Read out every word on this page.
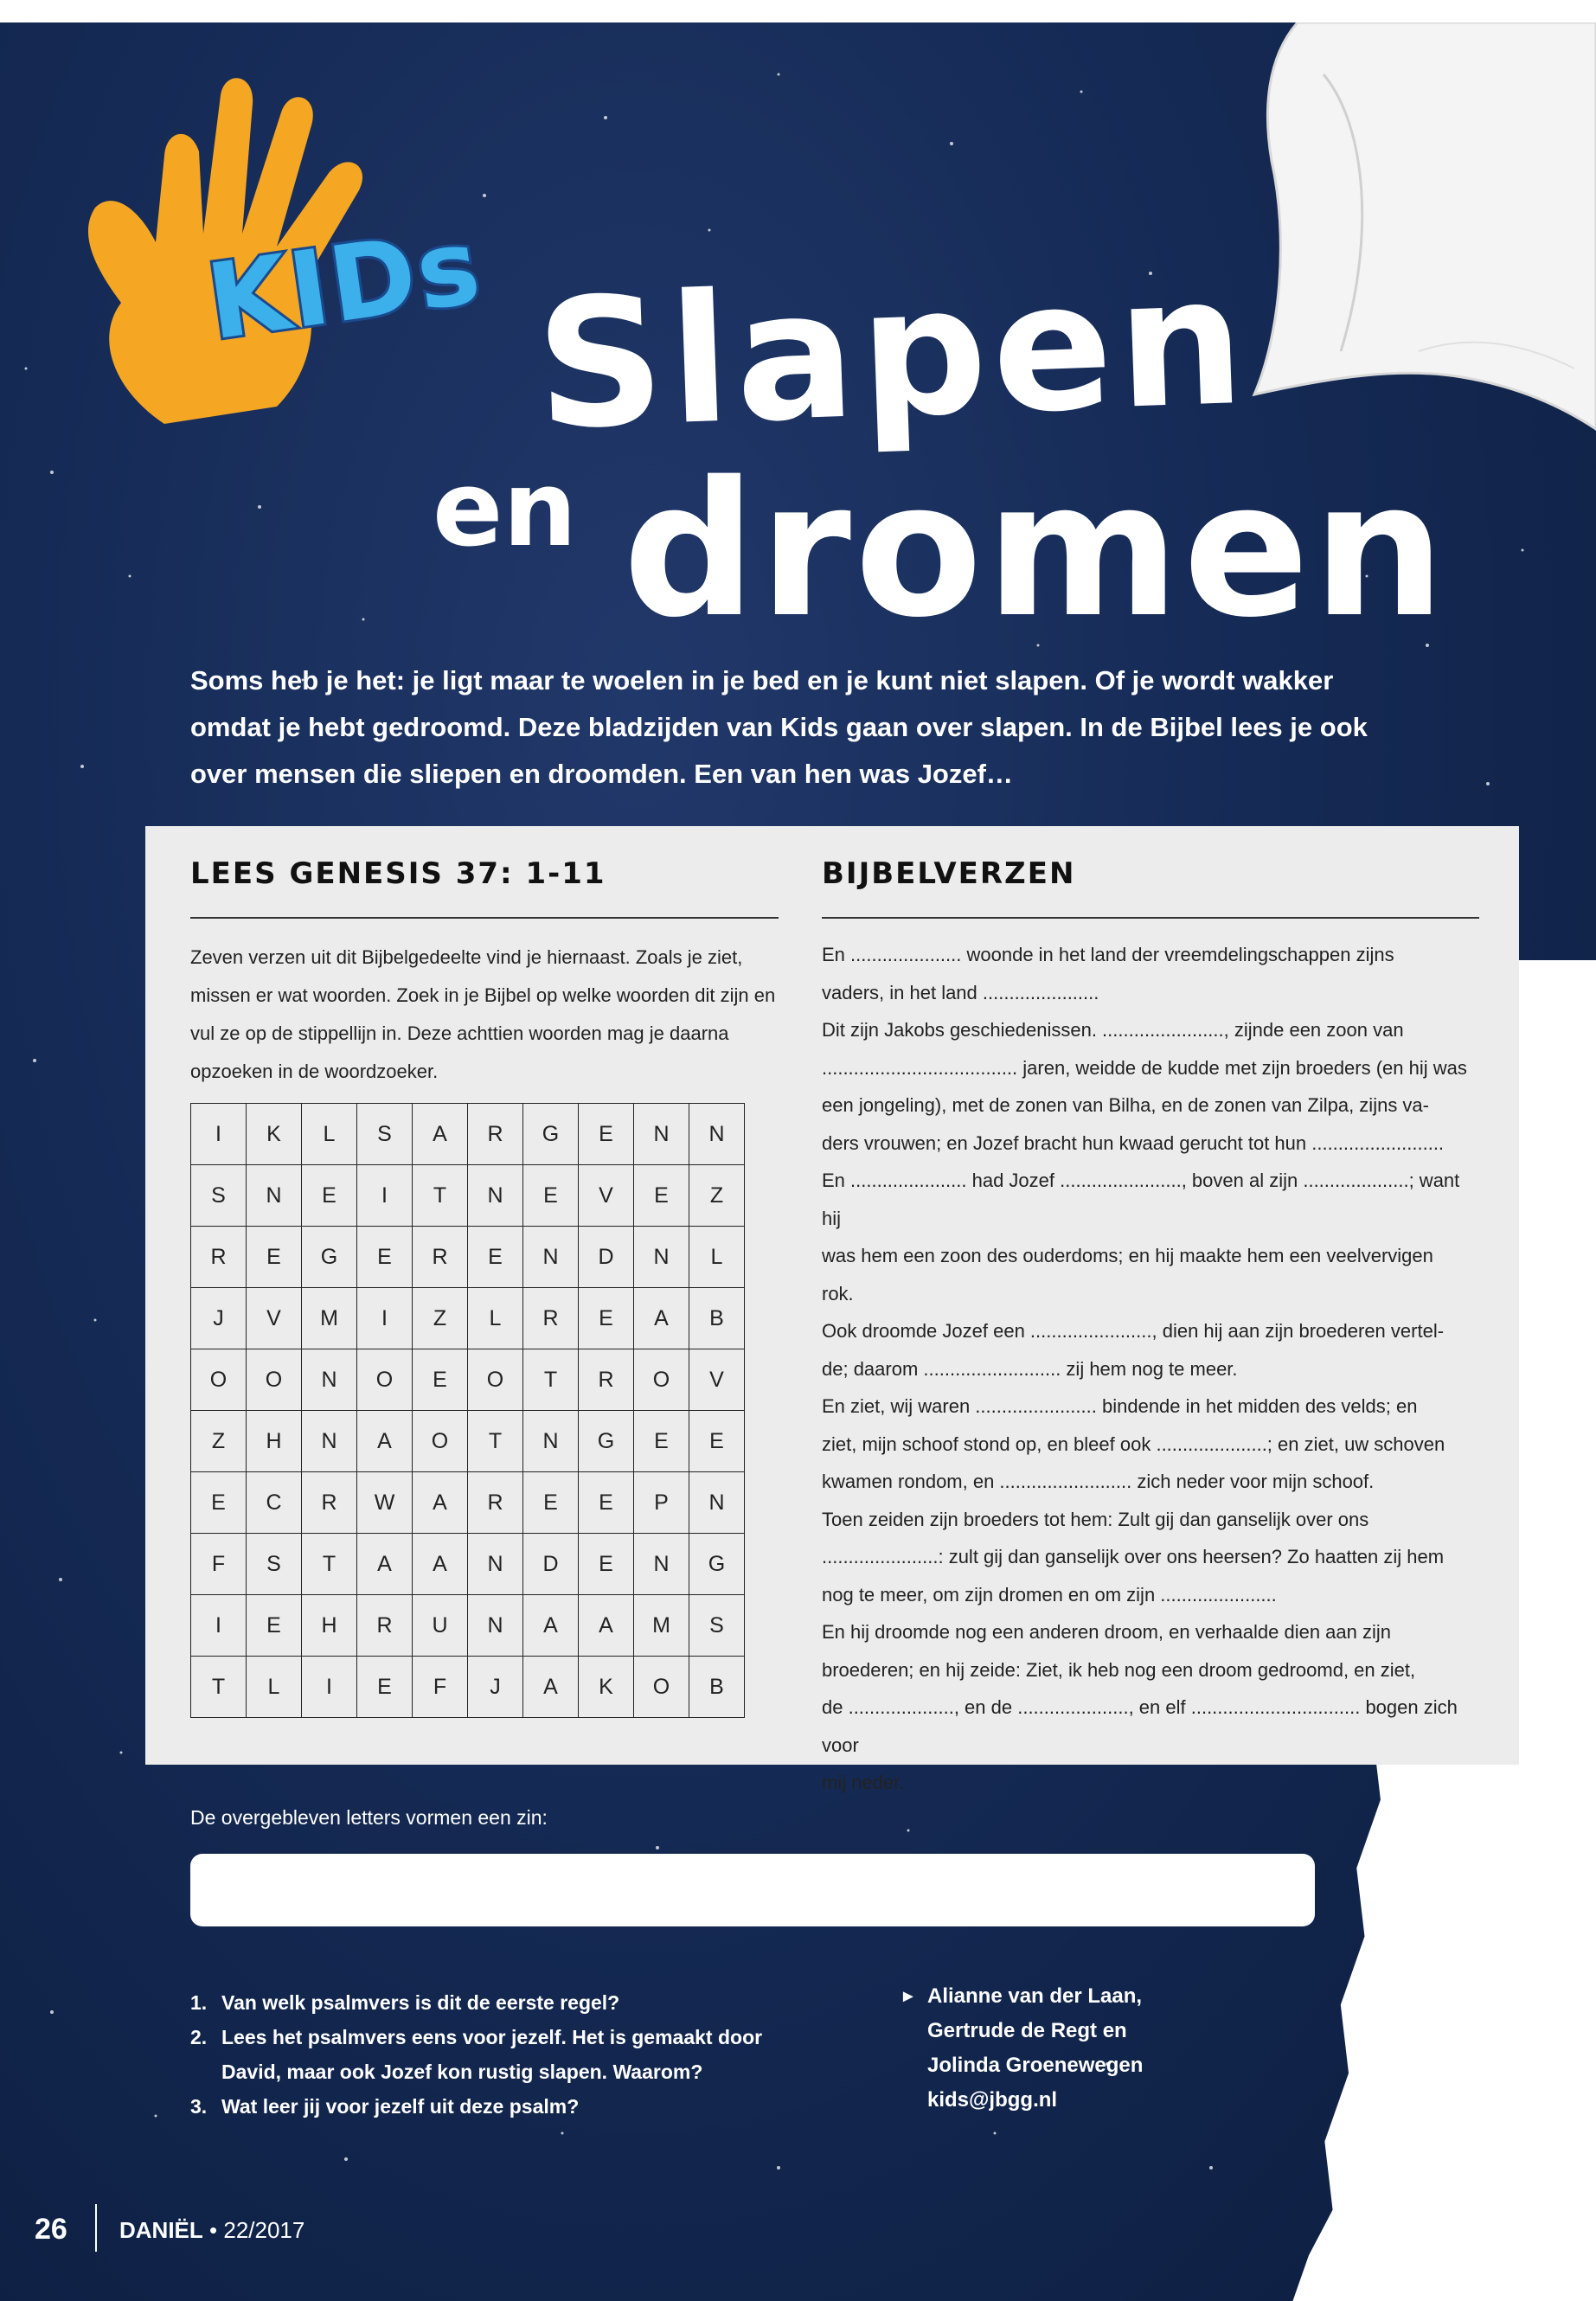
KIDs Slapen
en dromen
Soms heb je het: je ligt maar te woelen in je bed en je kunt niet slapen. Of je wordt wakker omdat je hebt gedroomd. Deze bladzijden van Kids gaan over slapen. In de Bijbel lees je ook over mensen die sliepen en droomden. Een van hen was Jozef…
LEES GENESIS 37: 1-11	BIJBELVERZEN
Zeven verzen uit dit Bijbelgedeelte vind je hiernaast. Zoals je ziet, missen er wat woorden. Zoek in je Bijbel op welke woorden dit zijn en vul ze op de stippellijn in. Deze achttien woorden mag je daarna opzoeken in de woordzoeker.
I	K	L	S	A	R	G	E	N	N
S	N	E	I	T	N	E	V	E	Z
R	E	G	E	R	E	N	D	N	L
J	V	M	I	Z	L	R	E	A	B
O	O	N	O	E	O	T	R	O	V
Z	H	N	A	O	T	N	G	E	E
E	C	R	W	A	R	E	E	P	N
F	S	T	A	A	N	D	E	N	G
I	E	H	R	U	N	A	A	M	S
T	L	I	E	F	J	A	K	O	B
En ..................... woonde in het land der vreemdelingschappen zijns
vaders, in het land ......................
Dit zijn Jakobs geschiedenissen. ......................., zijnde een zoon van
..................................... jaren, weidde de kudde met zijn broeders (en hij was
een jongeling), met de zonen van Bilha, en de zonen van Zilpa, zijns va-
ders vrouwen; en Jozef bracht hun kwaad gerucht tot hun .........................
En ...................... had Jozef ......................., boven al zijn ....................; want hij
was hem een zoon des ouderdoms; en hij maakte hem een veelvervigen
rok.
Ook droomde Jozef een ......................., dien hij aan zijn broederen vertel-
de; daarom .......................... zij hem nog te meer.
En ziet, wij waren ....................... bindende in het midden des velds; en
ziet, mijn schoof stond op, en bleef ook .....................; en ziet, uw schoven
kwamen rondom, en ......................... zich neder voor mijn schoof.
Toen zeiden zijn broeders tot hem: Zult gij dan ganselijk over ons
......................: zult gij dan ganselijk over ons heersen? Zo haatten zij hem
nog te meer, om zijn dromen en om zijn ......................
En hij droomde nog een anderen droom, en verhaalde dien aan zijn
broederen; en hij zeide: Ziet, ik heb nog een droom gedroomd, en ziet,
de ...................., en de ....................., en elf ................................ bogen zich voor
mij neder.
De overgebleven letters vormen een zin:
1. Van welk psalmvers is dit de eerste regel?
2. Lees het psalmvers eens voor jezelf. Het is gemaakt door David, maar ook Jozef kon rustig slapen. Waarom?
3. Wat leer jij voor jezelf uit deze psalm?
► Alianne van der Laan,
Gertrude de Regt en
Jolinda Groenewegen
kids@jbgg.nl
26 DANIËL • 22/2017
